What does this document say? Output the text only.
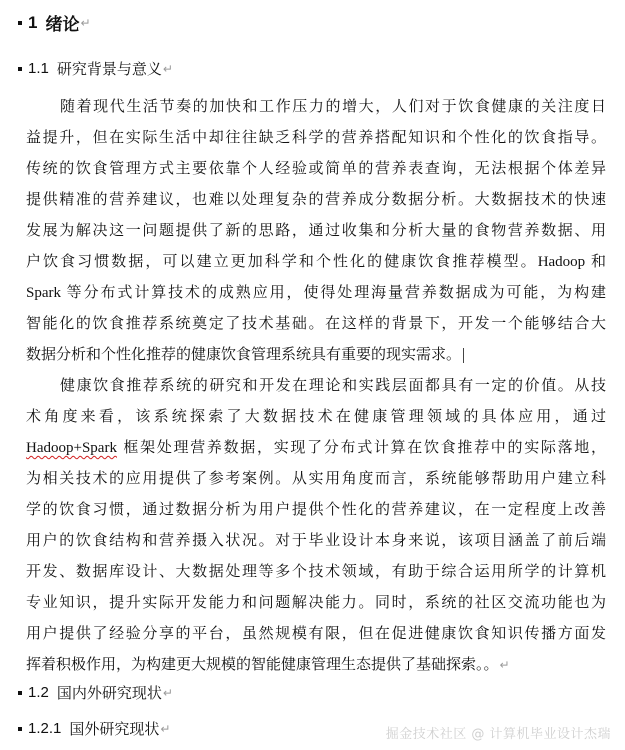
1 绪论 ↵
1.1 研究背景与意义 ↵
随着现代生活节奏的加快和工作压力的增大，人们对于饮食健康的关注度日
益提升，但在实际生活中却往往缺乏科学的营养搭配知识和个性化的饮食指导。
传统的饮食管理方式主要依靠个人经验或简单的营养表查询，无法根据个体差异
提供精准的营养建议，也难以处理复杂的营养成分数据分析。大数据技术的快速
发展为解决这一问题提供了新的思路，通过收集和分析大量的食物营养数据、用
户饮食习惯数据，可以建立更加科学和个性化的健康饮食推荐模型。Hadoop 和
Spark 等分布式计算技术的成熟应用，使得处理海量营养数据成为可能，为构建
智能化的饮食推荐系统奠定了技术基础。在这样的背景下，开发一个能够结合大
数据分析和个性化推荐的健康饮食管理系统具有重要的现实需求。
健康饮食推荐系统的研究和开发在理论和实践层面都具有一定的价值。从技
术角度来看，该系统探索了大数据技术在健康管理领域的具体应用，通过
Hadoop+Spark 框架处理营养数据，实现了分布式计算在饮食推荐中的实际落地，
为相关技术的应用提供了参考案例。从实用角度而言，系统能够帮助用户建立科
学的饮食习惯，通过数据分析为用户提供个性化的营养建议，在一定程度上改善
用户的饮食结构和营养摄入状况。对于毕业设计本身来说，该项目涵盖了前后端
开发、数据库设计、大数据处理等多个技术领域，有助于综合运用所学的计算机
专业知识，提升实际开发能力和问题解决能力。同时，系统的社区交流功能也为
用户提供了经验分享的平台，虽然规模有限，但在促进健康饮食知识传播方面发
挥着积极作用，为构建更大规模的智能健康管理生态提供了基础探索。。↵
1.2 国内外研究现状 ↵
1.2.1 国外研究现状 ↵	掘金技术社区 @ 计算机毕业设计杰瑞
